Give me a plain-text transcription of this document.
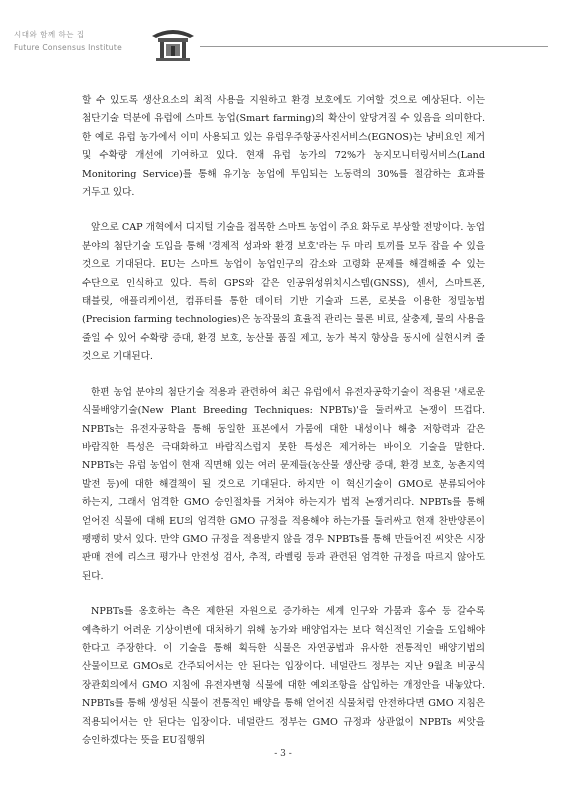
시대와 함께 하는 집
Future Consensus Institute

할 수 있도록 생산요소의 최적 사용을 지원하고 환경 보호에도 기여할 것으로 예상된다. 이는 첨단기술 덕분에 유럽에 스마트 농업(Smart farming)의 확산이 앞당겨질 수 있음을 의미한다. 한 예로 유럽 농가에서 이미 사용되고 있는 유럽우주항공사진서비스(EGNOS)는 냥비요인 제거 및 수확량 개선에 기여하고 있다. 현재 유럽 농가의 72%가 농지모니터링서비스(Land Monitoring Service)를 통해 유기농 농업에 투입되는 노동력의 30%를 절감하는 효과를 거두고 있다.

앞으로 CAP 개혁에서 디지털 기술을 접목한 스마트 농업이 주요 화두로 부상할 전망이다. 농업 분야의 첨단기술 도입을 통해 '경제적 성과와 환경 보호'라는 두 마리 토끼를 모두 잡을 수 있을 것으로 기대된다. EU는 스마트 농업이 농업인구의 감소와 고령화 문제를 해결해줄 수 있는 수단으로 인식하고 있다. 특히 GPS와 같은 인공위성위치시스템(GNSS), 센서, 스마트폰, 태블릿, 애플리케이션, 컴퓨터를 통한 데이터 기반 기술과 드론, 로봇을 이용한 정밀농법(Precision farming technologies)은 농작물의 효율적 관리는 물론 비료, 살충제, 물의 사용을 줄일 수 있어 수확량 증대, 환경 보호, 농산물 품질 제고, 농가 복지 향상을 동시에 실현시켜 줄 것으로 기대된다.

한편 농업 분야의 첨단기술 적용과 관련하여 최근 유럽에서 유전자공학기술이 적용된 '새로운 식물배양기술(New Plant Breeding Techniques: NPBTs)'을 둘러싸고 논쟁이 뜨겁다. NPBTs는 유전자공학을 통해 동일한 표본에서 가뭄에 대한 내성이나 해충 저항력과 같은 바람직한 특성은 극대화하고 바람직스럽지 못한 특성은 제거하는 바이오 기술을 말한다. NPBTs는 유럽 농업이 현재 직면해 있는 여러 문제들(농산물 생산량 증대, 환경 보호, 농촌지역 발전 등)에 대한 해결책이 될 것으로 기대된다. 하지만 이 혁신기술이 GMO로 분류되어야 하는지, 그래서 엄격한 GMO 승인절차를 거쳐야 하는지가 법적 논쟁거리다. NPBTs를 통해 얻어진 식물에 대해 EU의 엄격한 GMO 규정을 적용해야 하는가를 둘러싸고 현재 찬반양론이 팽팽히 맞서 있다. 만약 GMO 규정을 적용받지 않을 경우 NPBTs를 통해 만들어진 씨앗은 시장 판매 전에 리스크 평가나 안전성 검사, 추적, 라벨링 등과 관련된 엄격한 규정을 따르지 않아도 된다.

NPBTs를 옹호하는 측은 제한된 자원으로 증가하는 세계 인구와 가뭄과 홍수 등 갈수록 예측하기 어려운 기상이변에 대처하기 위해 농가와 배양업자는 보다 혁신적인 기술을 도입해야 한다고 주장한다. 이 기술을 통해 획득한 식물은 자연공법과 유사한 전통적인 배양기법의 산물이므로 GMOs로 간주되어서는 안 된다는 입장이다. 네덜란드 정부는 지난 9월초 비공식 장관회의에서 GMO 지침에 유전자변형 식물에 대한 예외조항을 삽입하는 개정안을 내놓았다. NPBTs를 통해 생성된 식물이 전통적인 배양을 통해 얻어진 식물처럼 안전하다면 GMO 지침은 적용되어서는 안 된다는 입장이다. 네덜란드 정부는 GMO 규정과 상관없이 NPBTs 씨앗을 승인하겠다는 뜻을 EU집행위

- 3 -
